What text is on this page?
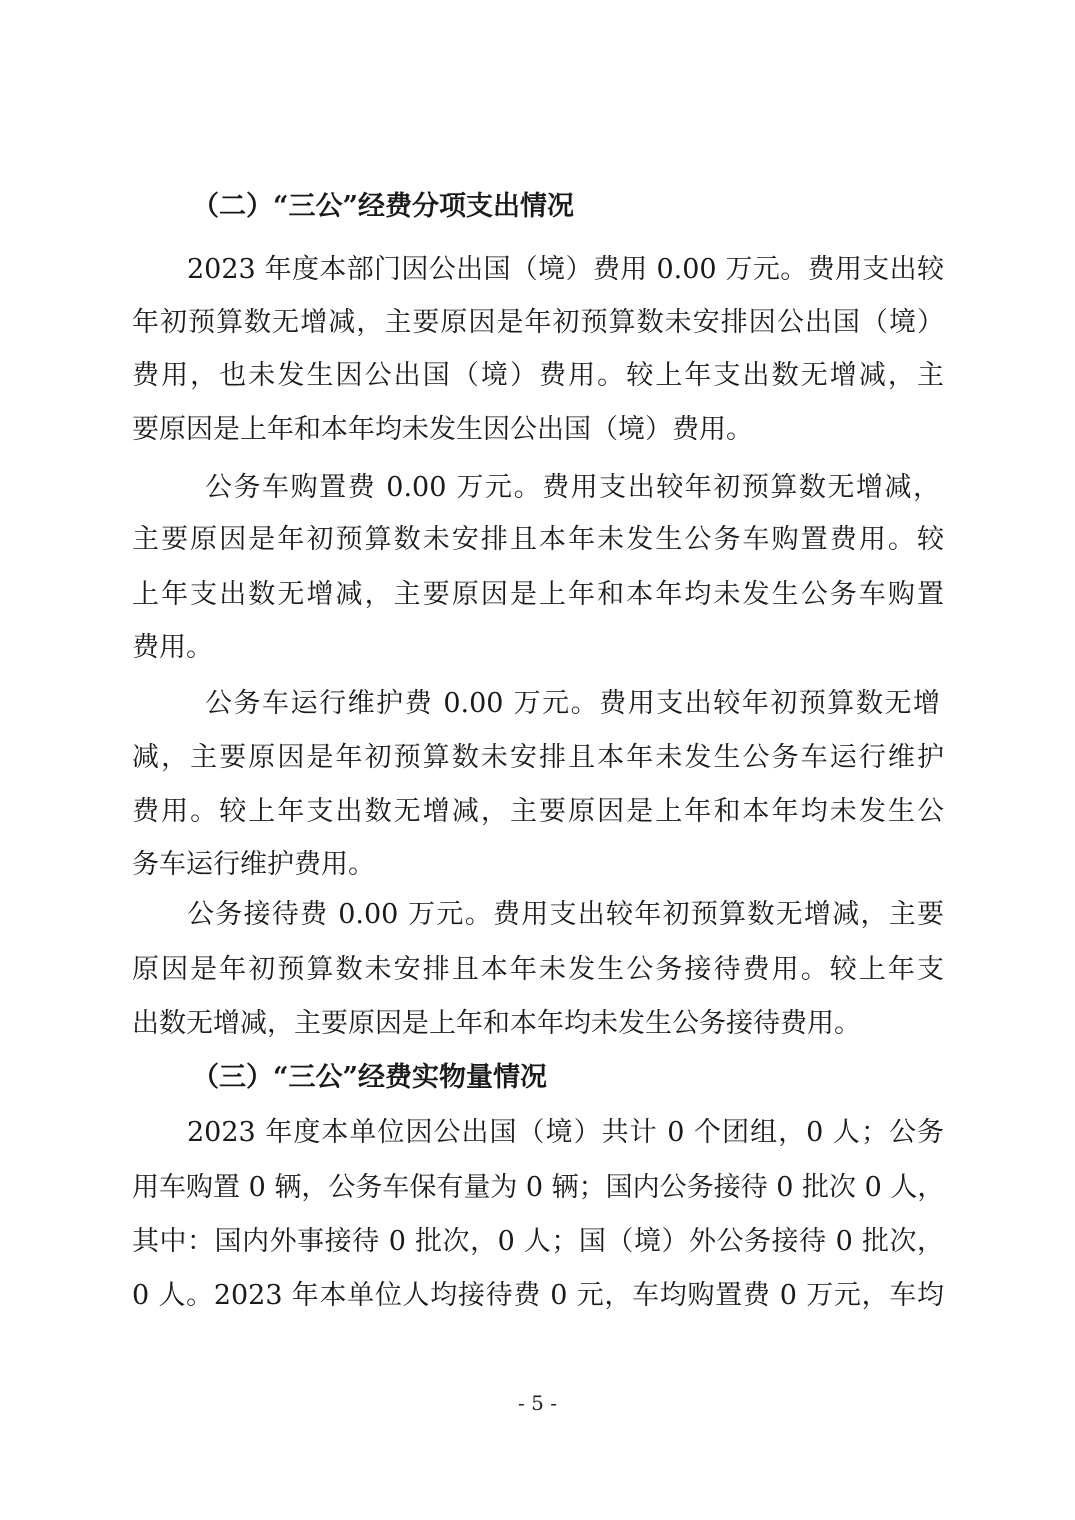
（二）“三公”经费分项支出情况
2023 年度本部门因公出国（境）费用 0.00 万元。费用支出较
年初预算数无增减，主要原因是年初预算数未安排因公出国（境）
费用，也未发生因公出国（境）费用。较上年支出数无增减，主
要原因是上年和本年均未发生因公出国（境）费用。
公务车购置费 0.00 万元。费用支出较年初预算数无增减，
主要原因是年初预算数未安排且本年未发生公务车购置费用。较
上年支出数无增减，主要原因是上年和本年均未发生公务车购置
费用。
公务车运行维护费 0.00 万元。费用支出较年初预算数无增
减，主要原因是年初预算数未安排且本年未发生公务车运行维护
费用。较上年支出数无增减，主要原因是上年和本年均未发生公
务车运行维护费用。
公务接待费 0.00 万元。费用支出较年初预算数无增减，主要
原因是年初预算数未安排且本年未发生公务接待费用。较上年支
出数无增减，主要原因是上年和本年均未发生公务接待费用。
（三）“三公”经费实物量情况
2023 年度本单位因公出国（境）共计 0 个团组，0 人；公务
用车购置 0 辆，公务车保有量为 0 辆；国内公务接待 0 批次 0 人，
其中：国内外事接待 0 批次，0 人；国（境）外公务接待 0 批次，
0 人。2023 年本单位人均接待费 0 元，车均购置费 0 万元，车均
- 5 -
